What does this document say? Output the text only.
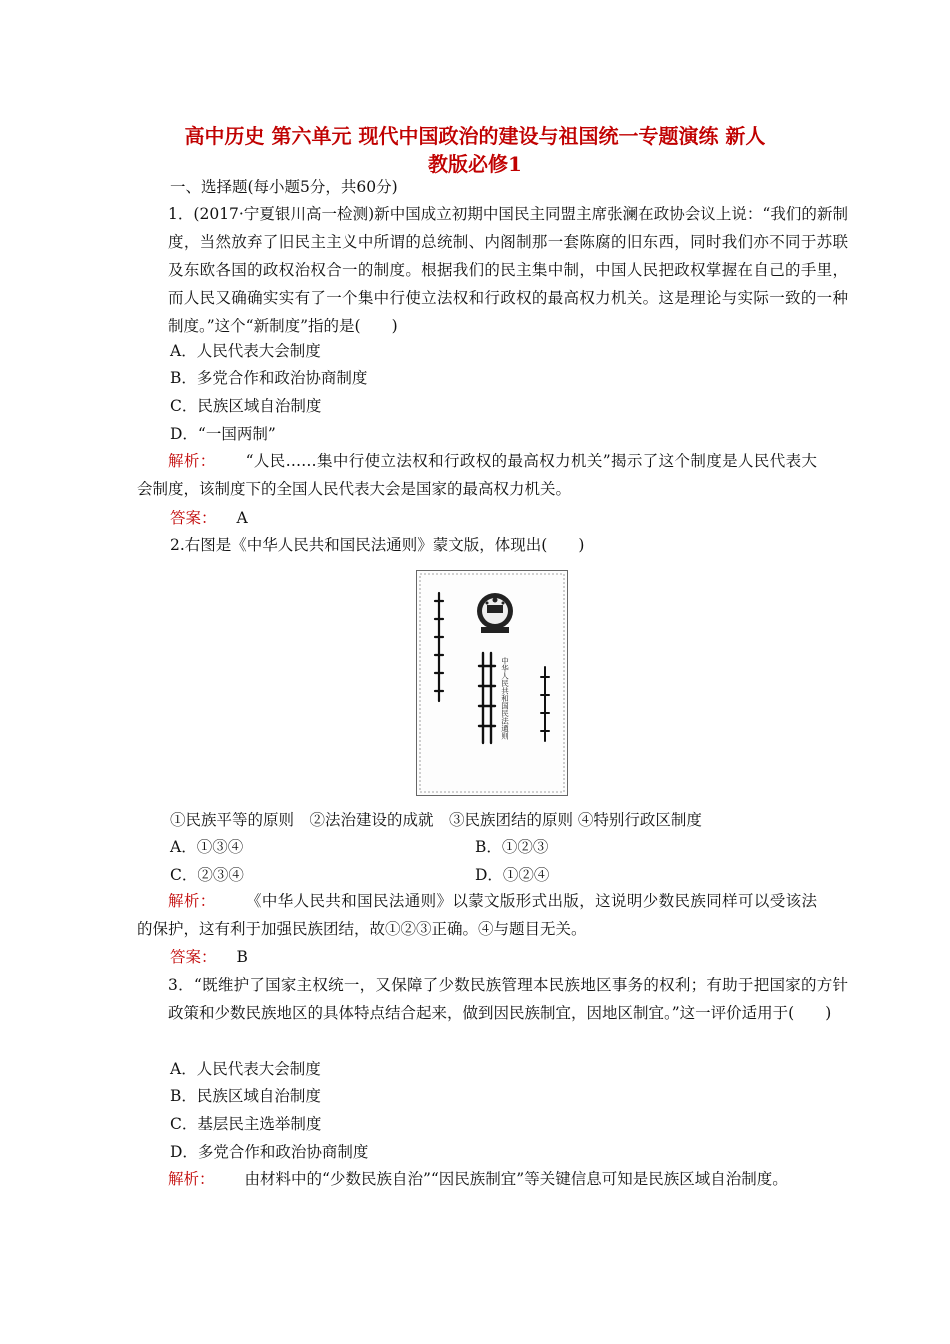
高中历史 第六单元 现代中国政治的建设与祖国统一专题演练 新人
教版必修1
一、选择题(每小题5分，共60分)
1．(2017·宁夏银川高一检测)新中国成立初期中国民主同盟主席张澜在政协会议上说：“我们的新制度，当然放弃了旧民主主义中所谓的总统制、内阁制那一套陈腐的旧东西，同时我们亦不同于苏联及东欧各国的政权治权合一的制度。根据我们的民主集中制，中国人民把政权掌握在自己的手里，而人民又确确实实有了一个集中行使立法权和行政权的最高权力机关。这是理论与实际一致的一种制度。”这个“新制度”指的是(　　)
A．人民代表大会制度
B．多党合作和政治协商制度
C．民族区域自治制度
D．“一国两制”
解析： “人民……集中行使立法权和行政权的最高权力机关”揭示了这个制度是人民代表大会制度，该制度下的全国人民代表大会是国家的最高权力机关。
答案： A
2.右图是《中华人民共和国民法通则》蒙文版，体现出(　　)
中华人民共和国民法通则
①民族平等的原则　②法治建设的成就　③民族团结的原则 ④特别行政区制度
A．①③④	B．①②③
C．②③④	D．①②④
解析： 《中华人民共和国民法通则》以蒙文版形式出版，这说明少数民族同样可以受该法的保护，这有利于加强民族团结，故①②③正确。④与题目无关。
答案： B
3．“既维护了国家主权统一，又保障了少数民族管理本民族地区事务的权利；有助于把国家的方针政策和少数民族地区的具体特点结合起来，做到因民族制宜，因地区制宜。”这一评价适用于(　　)
A．人民代表大会制度
B．民族区域自治制度
C．基层民主选举制度
D．多党合作和政治协商制度
解析： 由材料中的“少数民族自治”“因民族制宜”等关键信息可知是民族区域自治制度。
